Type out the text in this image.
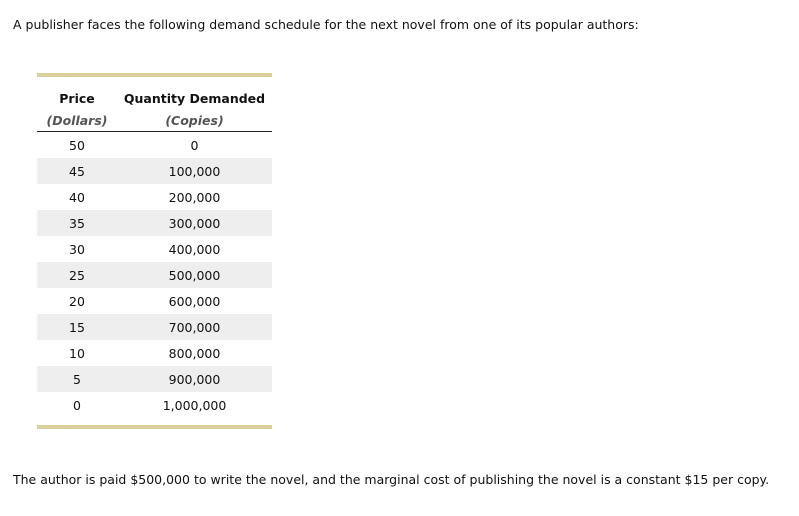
A publisher faces the following demand schedule for the next novel from one of its popular authors:
Price	Quantity Demanded
(Dollars)	(Copies)
50	0
45	100,000
40	200,000
35	300,000
30	400,000
25	500,000
20	600,000
15	700,000
10	800,000
5	900,000
0	1,000,000
The author is paid $500,000 to write the novel, and the marginal cost of publishing the novel is a constant $15 per copy.
